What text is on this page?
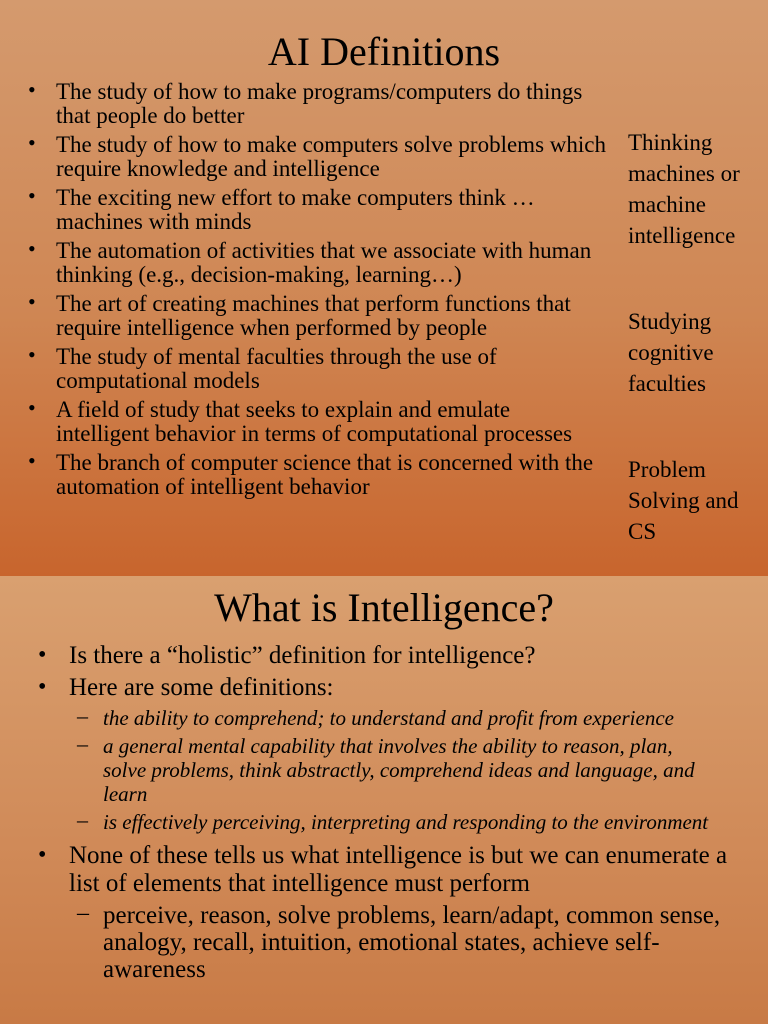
AI Definitions
• The study of how to make programs/computers do things that people do better
• The study of how to make computers solve problems which require knowledge and intelligence
• The exciting new effort to make computers think … machines with minds
• The automation of activities that we associate with human thinking (e.g., decision-making, learning…)
• The art of creating machines that perform functions that require intelligence when performed by people
• The study of mental faculties through the use of computational models
• A field of study that seeks to explain and emulate intelligent behavior in terms of computational processes
• The branch of computer science that is concerned with the automation of intelligent behavior
Thinking machines or machine intelligence
Studying cognitive faculties
Problem Solving and CS
What is Intelligence?
• Is there a “holistic” definition for intelligence?
• Here are some definitions:
– the ability to comprehend; to understand and profit from experience
– a general mental capability that involves the ability to reason, plan, solve problems, think abstractly, comprehend ideas and language, and learn
– is effectively perceiving, interpreting and responding to the environment
• None of these tells us what intelligence is but we can enumerate a list of elements that intelligence must perform
– perceive, reason, solve problems, learn/adapt, common sense, analogy, recall, intuition, emotional states, achieve self-awareness
